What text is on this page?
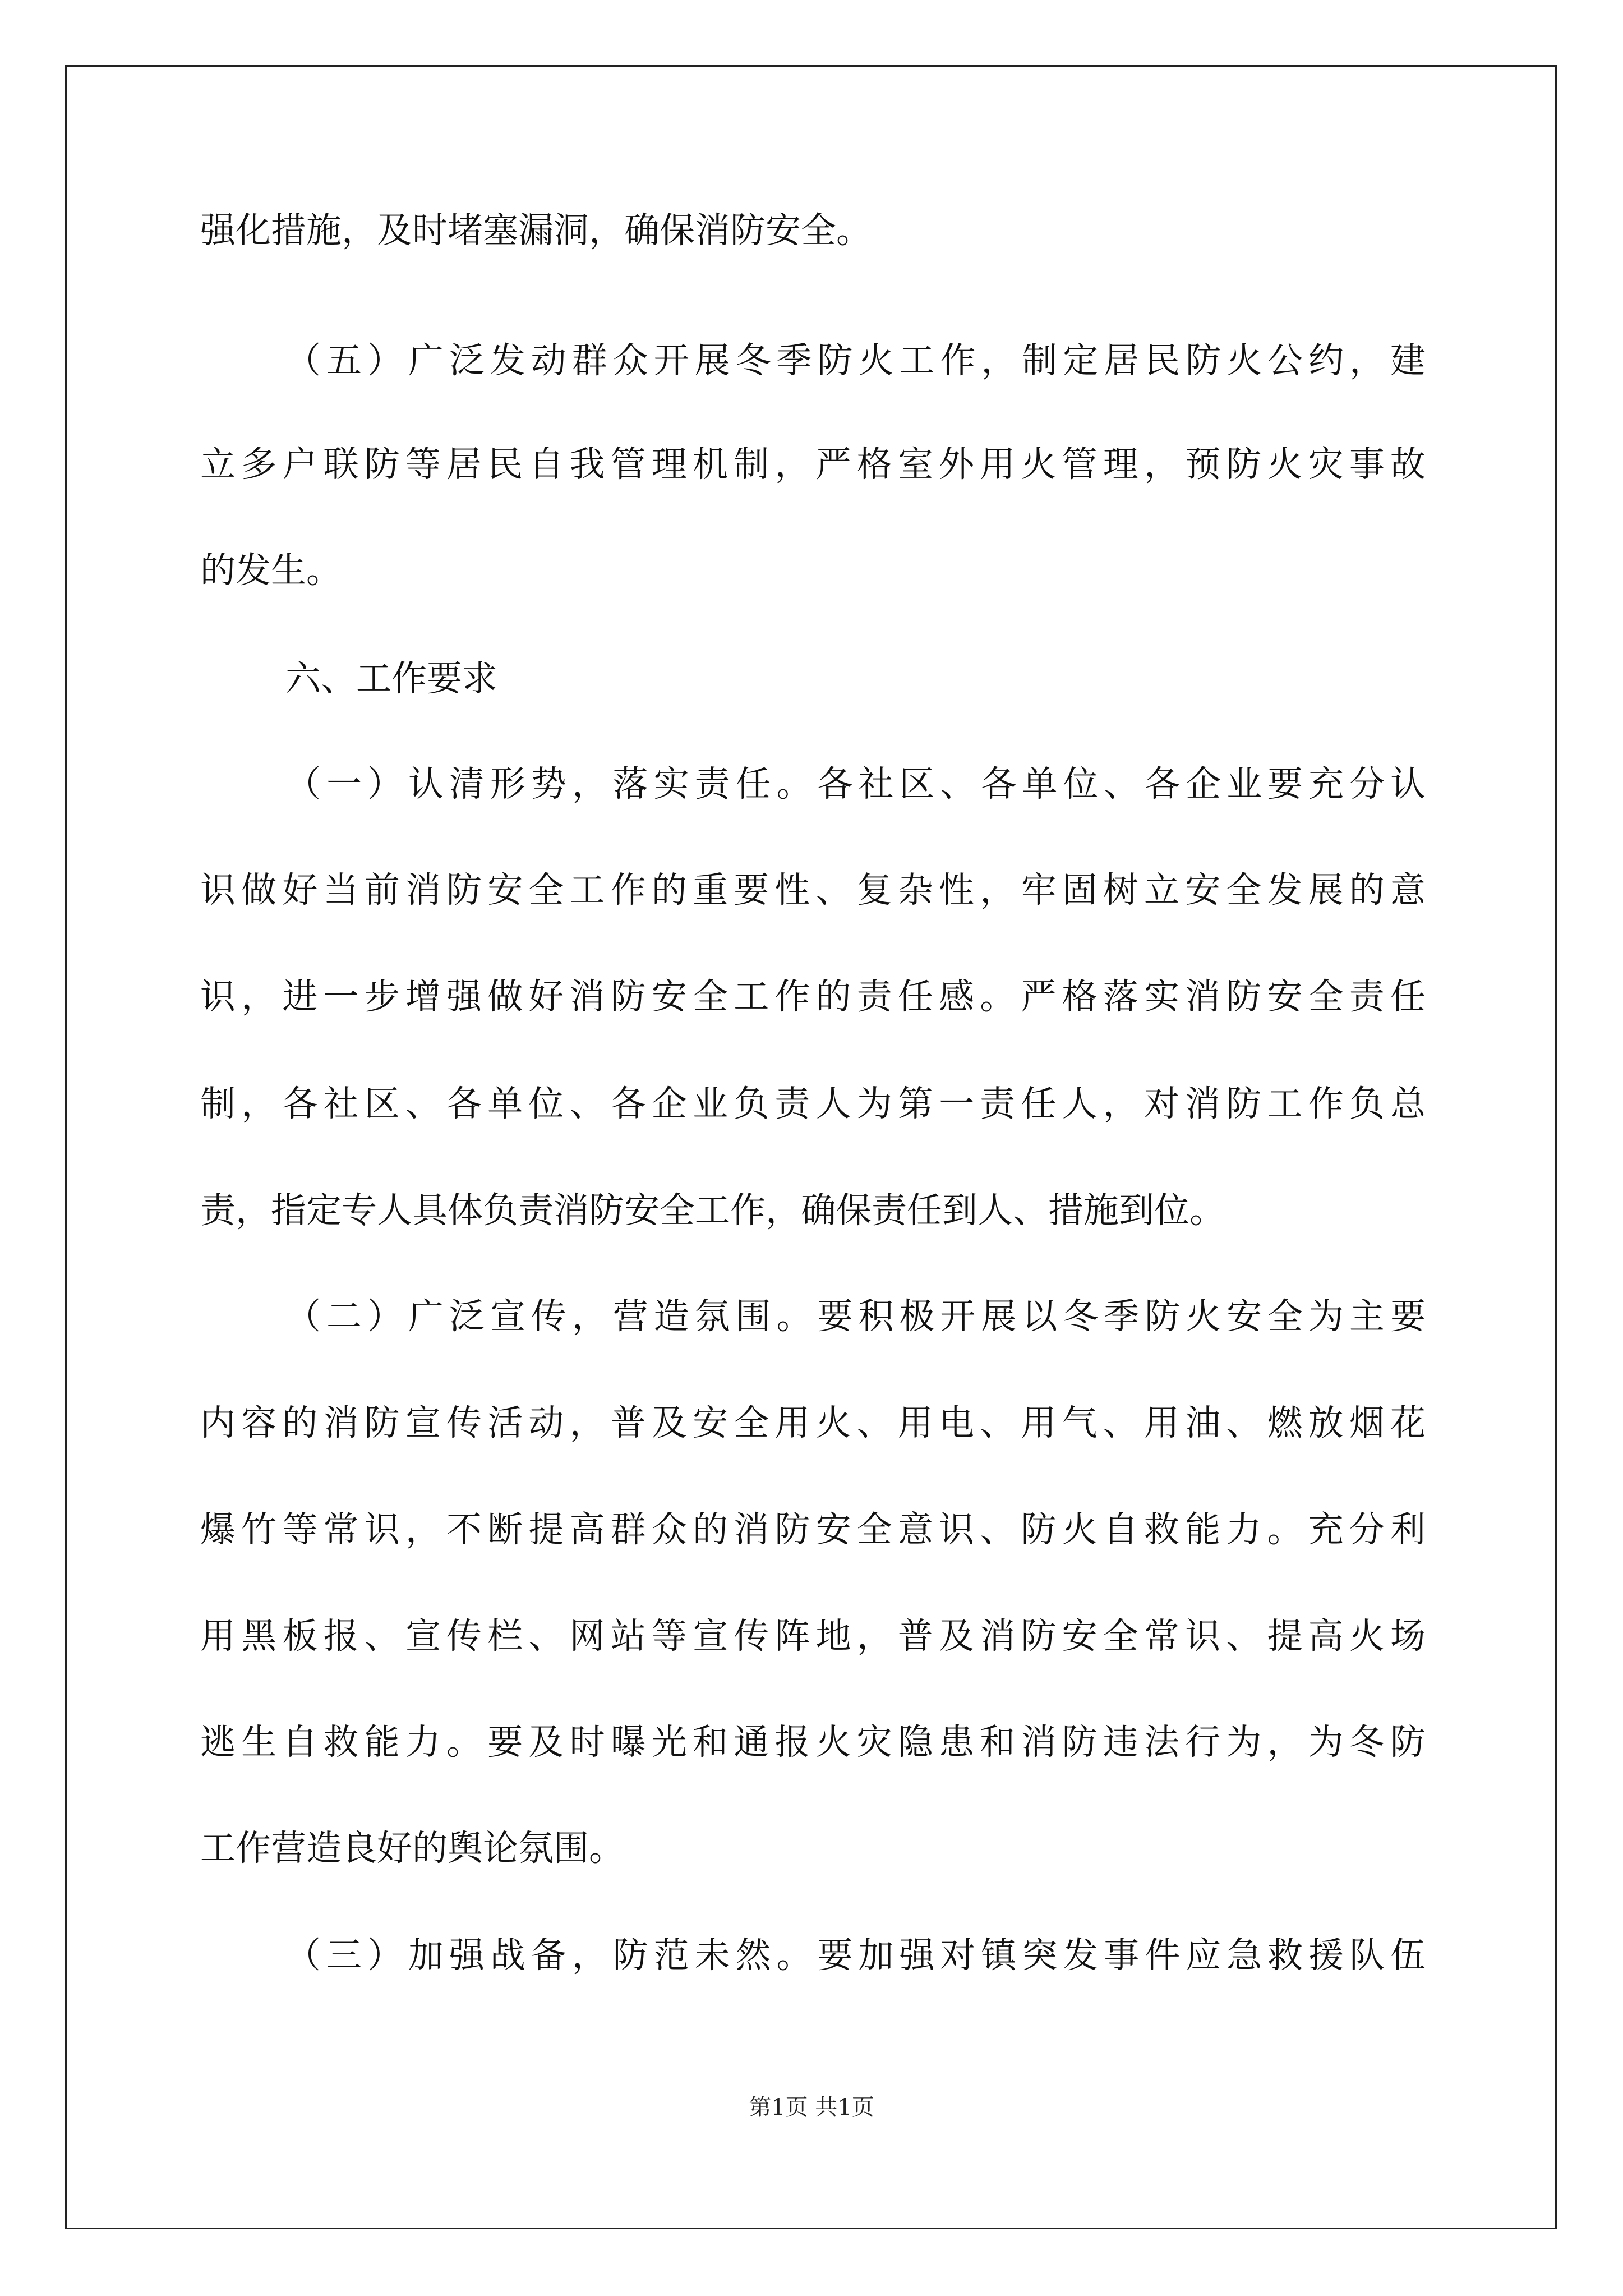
强化措施，及时堵塞漏洞，确保消防安全。
（五）广泛发动群众开展冬季防火工作，制定居民防火公约，建
立多户联防等居民自我管理机制，严格室外用火管理，预防火灾事故
的发生。
六、工作要求
（一）认清形势，落实责任。各社区、各单位、各企业要充分认
识做好当前消防安全工作的重要性、复杂性，牢固树立安全发展的意
识，进一步增强做好消防安全工作的责任感。严格落实消防安全责任
制，各社区、各单位、各企业负责人为第一责任人，对消防工作负总
责，指定专人具体负责消防安全工作，确保责任到人、措施到位。
（二）广泛宣传，营造氛围。要积极开展以冬季防火安全为主要
内容的消防宣传活动，普及安全用火、用电、用气、用油、燃放烟花
爆竹等常识，不断提高群众的消防安全意识、防火自救能力。充分利
用黑板报、宣传栏、网站等宣传阵地，普及消防安全常识、提高火场
逃生自救能力。要及时曝光和通报火灾隐患和消防违法行为，为冬防
工作营造良好的舆论氛围。
（三）加强战备，防范未然。要加强对镇突发事件应急救援队伍
第1页 共1页
